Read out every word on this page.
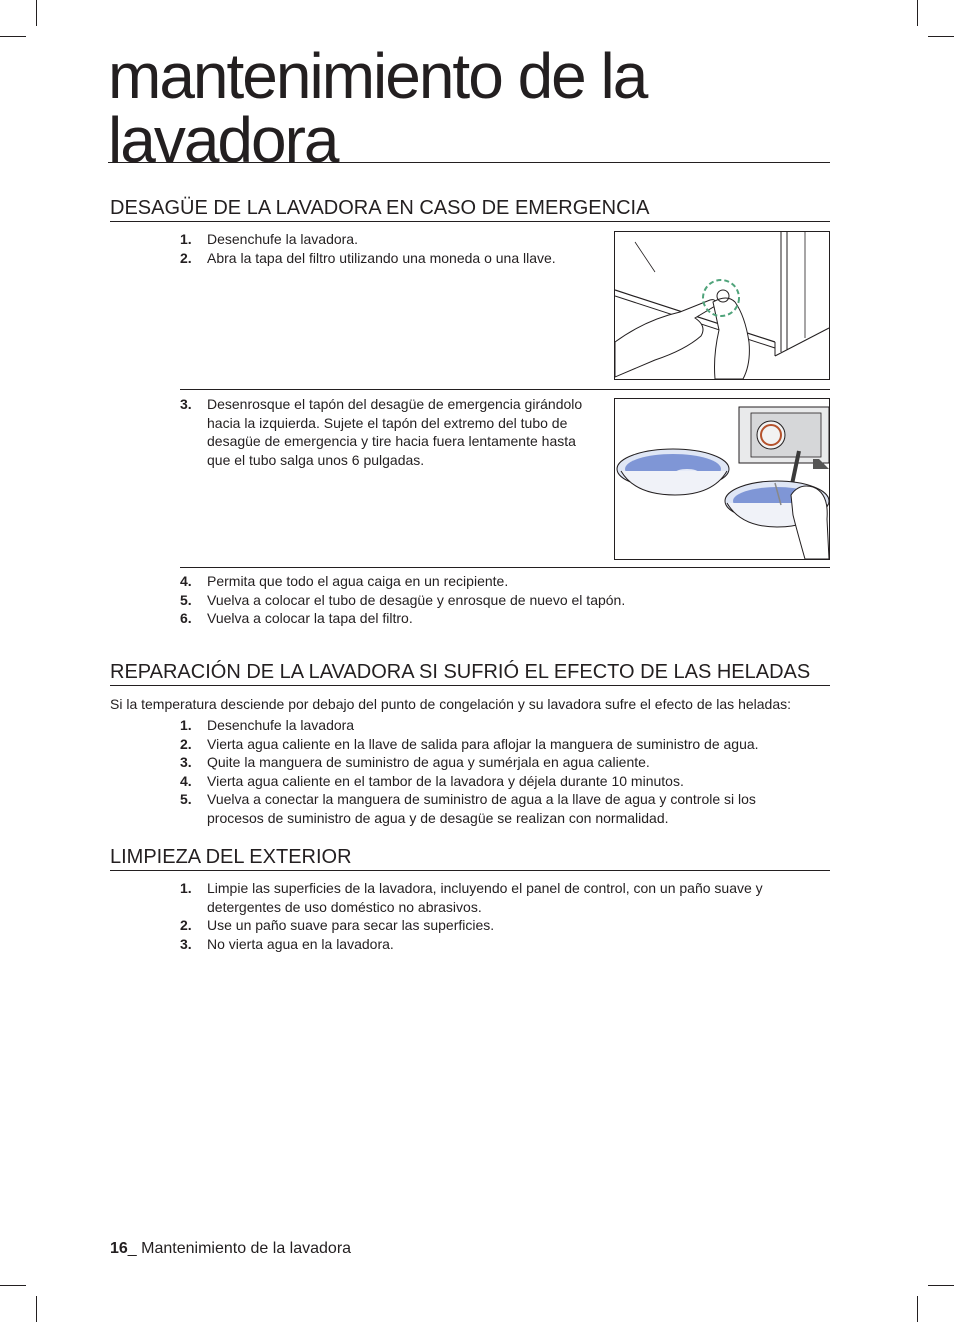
mantenimiento de la lavadora
DESAGÜE DE LA LAVADORA EN CASO DE EMERGENCIA
1.	Desenchufe la lavadora.
2.	Abra la tapa del filtro utilizando una moneda o una llave.
3.	Desenrosque el tapón del desagüe de emergencia girándolo hacia la izquierda. Sujete el tapón del extremo del tubo de desagüe de emergencia y tire hacia fuera lentamente hasta que el tubo salga unos 6 pulgadas.
4.	Permita que todo el agua caiga en un recipiente.
5.	Vuelva a colocar el tubo de desagüe y enrosque de nuevo el tapón.
6.	Vuelva a colocar la tapa del filtro.
REPARACIÓN DE LA LAVADORA SI SUFRIÓ EL EFECTO DE LAS HELADAS
Si la temperatura desciende por debajo del punto de congelación y su lavadora sufre el efecto de las heladas:
1.	Desenchufe la lavadora
2.	Vierta agua caliente en la llave de salida para aflojar la manguera de suministro de agua.
3.	Quite la manguera de suministro de agua y sumérjala en agua caliente.
4.	Vierta agua caliente en el tambor de la lavadora y déjela durante 10 minutos.
5.	Vuelva a conectar la manguera de suministro de agua a la llave de agua y controle si los procesos de suministro de agua y de desagüe se realizan con normalidad.
LIMPIEZA DEL EXTERIOR
1.	Limpie las superficies de la lavadora, incluyendo el panel de control, con un paño suave y detergentes de uso doméstico no abrasivos.
2.	Use un paño suave para secar las superficies.
3.	No vierta agua en la lavadora.
16_ Mantenimiento de la lavadora
